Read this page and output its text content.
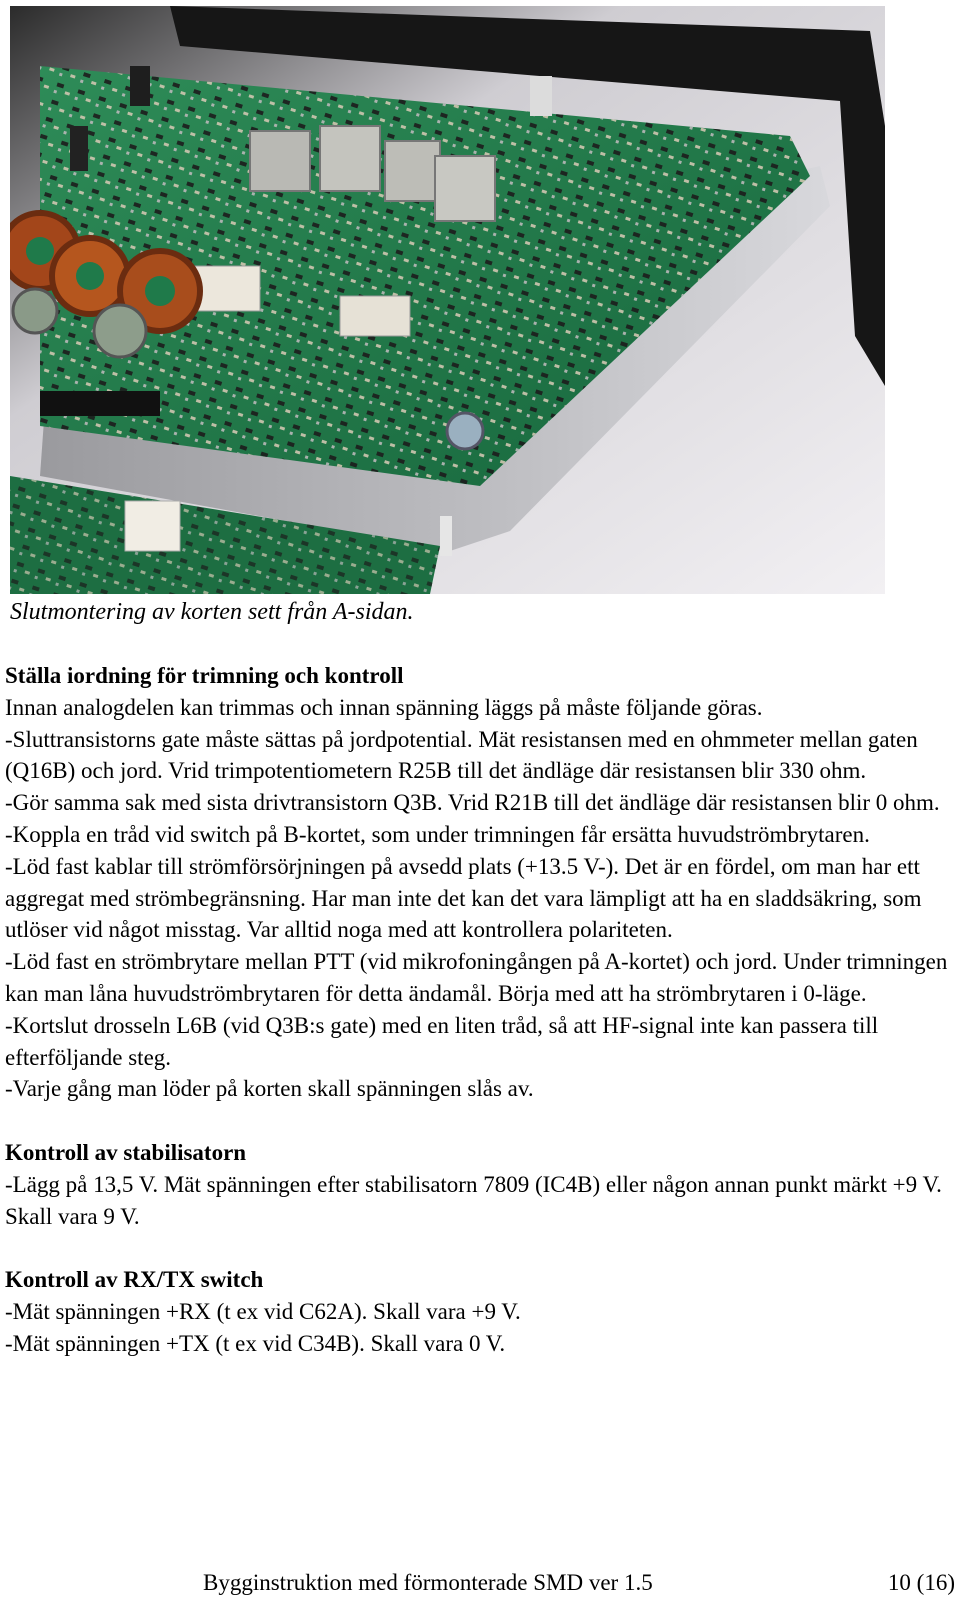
Slutmontering av korten sett från A-sidan.

Ställa iordning för trimning och kontroll

Innan analogdelen kan trimmas och innan spänning läggs på måste följande göras.

-Sluttransistorns gate måste sättas på jordpotential. Mät resistansen med en ohmmeter mellan gaten (Q16B) och jord. Vrid trimpotentiometern R25B till det ändläge där resistansen blir 330 ohm.

-Gör samma sak med sista drivtransistorn Q3B. Vrid R21B till det ändläge där resistansen blir 0 ohm.

-Koppla en tråd vid switch på B-kortet, som under trimningen får ersätta huvudströmbrytaren.

-Löd fast kablar till strömförsörjningen på avsedd plats (+13.5 V-). Det är en fördel, om man har ett aggregat med strömbegränsning. Har man inte det kan det vara lämpligt att ha en sladdsäkring, som utlöser vid något misstag. Var alltid noga med att kontrollera polariteten.

-Löd fast en strömbrytare mellan PTT (vid mikrofoningången på A-kortet) och jord. Under trimningen kan man låna huvudströmbrytaren för detta ändamål. Börja med att ha strömbrytaren i 0-läge.

-Kortslut drosseln L6B (vid Q3B:s gate) med en liten tråd, så att HF-signal inte kan passera till efterföljande steg.

-Varje gång man löder på korten skall spänningen slås av.

Kontroll av stabilisatorn

-Lägg på 13,5 V. Mät spänningen efter stabilisatorn 7809 (IC4B) eller någon annan punkt märkt +9 V. Skall vara 9 V.

Kontroll av RX/TX switch

-Mät spänningen +RX (t ex vid C62A). Skall vara +9 V.

-Mät spänningen +TX (t ex vid C34B). Skall vara 0 V.

Bygginstruktion med förmonterade SMD ver 1.5	10 (16)
